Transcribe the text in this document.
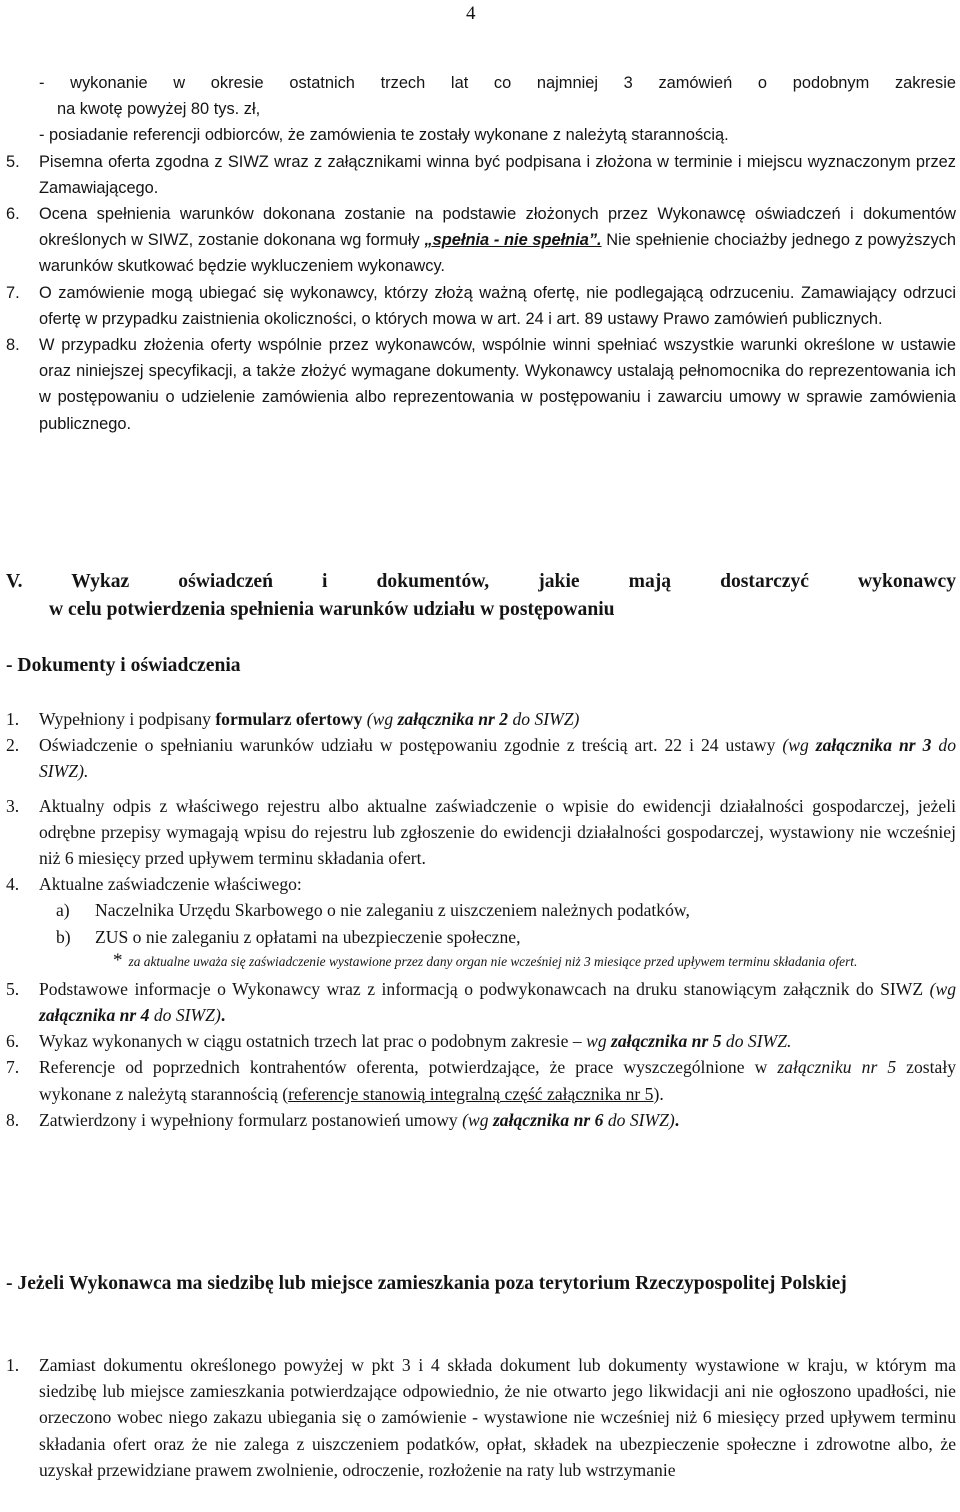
4
- wykonanie w okresie ostatnich trzech lat co najmniej 3 zamówień o podobnym zakresie
na kwotę powyżej 80 tys. zł,
- posiadanie referencji odbiorców, że zamówienia te zostały wykonane z należytą starannością.
5. Pisemna oferta zgodna z SIWZ wraz z załącznikami winna być podpisana i złożona w terminie i miejscu wyznaczonym przez Zamawiającego.
6. Ocena spełnienia warunków dokonana zostanie na podstawie złożonych przez Wykonawcę oświadczeń i dokumentów określonych w SIWZ, zostanie dokonana wg formuły „spełnia - nie spełnia”. Nie spełnienie chociażby jednego z powyższych warunków skutkować będzie wykluczeniem wykonawcy.
7. O zamówienie mogą ubiegać się wykonawcy, którzy złożą ważną ofertę, nie podlegającą odrzuceniu. Zamawiający odrzuci ofertę w przypadku zaistnienia okoliczności, o których mowa w art. 24 i art. 89 ustawy Prawo zamówień publicznych.
8. W przypadku złożenia oferty wspólnie przez wykonawców, wspólnie winni spełniać wszystkie warunki określone w ustawie oraz niniejszej specyfikacji, a także złożyć wymagane dokumenty. Wykonawcy ustalają pełnomocnika do reprezentowania ich w postępowaniu o udzielenie zamówienia albo reprezentowania w postępowaniu i zawarciu umowy w sprawie zamówienia publicznego.
V. Wykaz oświadczeń i dokumentów, jakie mają dostarczyć wykonawcy
w celu potwierdzenia spełnienia warunków udziału w postępowaniu
- Dokumenty i oświadczenia
1. Wypełniony i podpisany formularz ofertowy (wg załącznika nr 2 do SIWZ)
2. Oświadczenie o spełnianiu warunków udziału w postępowaniu zgodnie z treścią art. 22 i 24 ustawy (wg załącznika nr 3 do SIWZ).
3. Aktualny odpis z właściwego rejestru albo aktualne zaświadczenie o wpisie do ewidencji działalności gospodarczej, jeżeli odrębne przepisy wymagają wpisu do rejestru lub zgłoszenie do ewidencji działalności gospodarczej, wystawiony nie wcześniej niż 6 miesięcy przed upływem terminu składania ofert.
4. Aktualne zaświadczenie właściwego:
a) Naczelnika Urzędu Skarbowego o nie zaleganiu z uiszczeniem należnych podatków,
b) ZUS o nie zaleganiu z opłatami na ubezpieczenie społeczne,
* za aktualne uważa się zaświadczenie wystawione przez dany organ nie wcześniej niż 3 miesiące przed upływem terminu składania ofert.
5. Podstawowe informacje o Wykonawcy wraz z informacją o podwykonawcach na druku stanowiącym załącznik do SIWZ (wg załącznika nr 4 do SIWZ).
6. Wykaz wykonanych w ciągu ostatnich trzech lat prac o podobnym zakresie – wg załącznika nr 5 do SIWZ.
7. Referencje od poprzednich kontrahentów oferenta, potwierdzające, że prace wyszczególnione w załączniku nr 5 zostały wykonane z należytą starannością (referencje stanowią integralną część załącznika nr 5).
8. Zatwierdzony i wypełniony formularz postanowień umowy (wg załącznika nr 6 do SIWZ).
- Jeżeli Wykonawca ma siedzibę lub miejsce zamieszkania poza terytorium Rzeczypospolitej Polskiej
1. Zamiast dokumentu określonego powyżej w pkt 3 i 4 składa dokument lub dokumenty wystawione w kraju, w którym ma siedzibę lub miejsce zamieszkania potwierdzające odpowiednio, że nie otwarto jego likwidacji ani nie ogłoszono upadłości, nie orzeczono wobec niego zakazu ubiegania się o zamówienie - wystawione nie wcześniej niż 6 miesięcy przed upływem terminu składania ofert oraz że nie zalega z uiszczeniem podatków, opłat, składek na ubezpieczenie społeczne i zdrowotne albo, że uzyskał przewidziane prawem zwolnienie, odroczenie, rozłożenie na raty lub wstrzymanie
